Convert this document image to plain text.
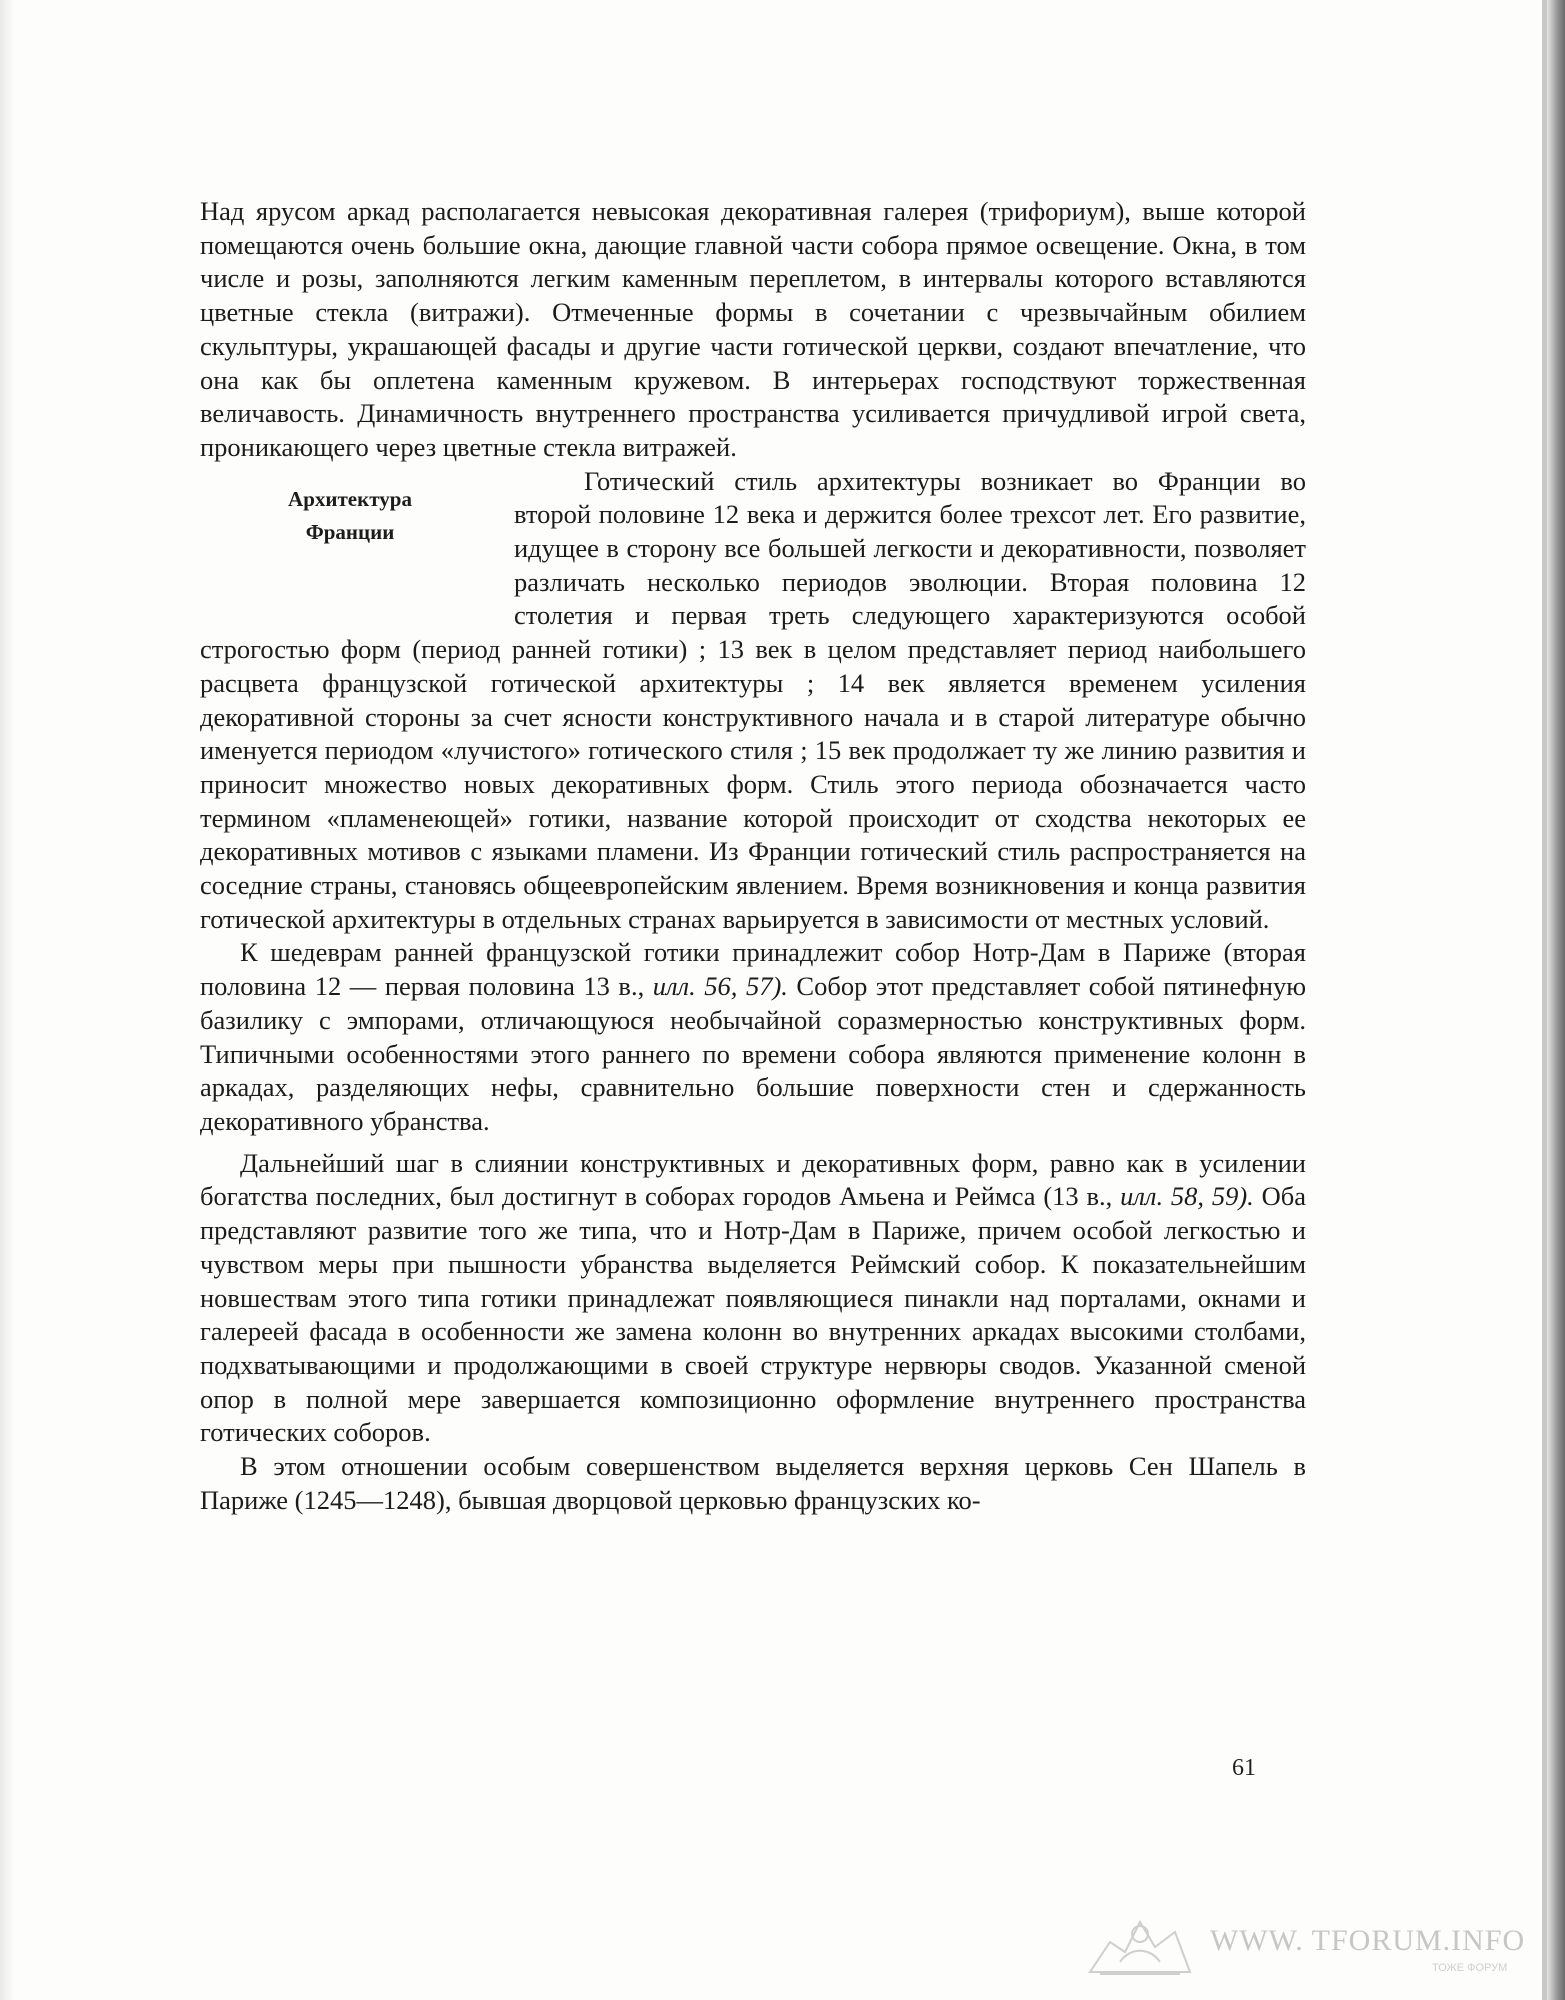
Над ярусом аркад располагается невысокая декоративная галерея (трифориум), выше которой помещаются очень большие окна, дающие главной части собора прямое освещение. Окна, в том числе и розы, заполняются легким каменным переплетом, в интервалы которого вставляются цветные стекла (витражи). Отмеченные формы в сочетании с чрезвычайным обилием скульптуры, украшающей фасады и другие части готической церкви, создают впечатление, что она как бы оплетена каменным кружевом. В интерьерах господствуют торжественная величавость. Динамичность внутреннего пространства усиливается причудливой игрой света, проникающего через цветные стекла витражей.

Архитектура
Франции

Готический стиль архитектуры возникает во Франции во второй половине 12 века и держится более трехсот лет. Его развитие, идущее в сторону все большей легкости и декоративности, позволяет различать несколько периодов эволюции. Вторая половина 12 столетия и первая треть следующего характеризуются особой строгостью форм (период ранней готики) ; 13 век в целом представляет период наибольшего расцвета французской готической архитектуры ; 14 век является временем усиления декоративной стороны за счет ясности конструктивного начала и в старой литературе обычно именуется периодом «лучистого» готического стиля ; 15 век продолжает ту же линию развития и приносит множество новых декоративных форм. Стиль этого периода обозначается часто термином «пламенеющей» готики, название которой происходит от сходства некоторых ее декоративных мотивов с языками пламени. Из Франции готический стиль распространяется на соседние страны, становясь общеевропейским явлением. Время возникновения и конца развития готической архитектуры в отдельных странах варьируется в зависимости от местных условий.

К шедеврам ранней французской готики принадлежит собор Нотр-Дам в Париже (вторая половина 12 — первая половина 13 в., илл. 56, 57). Собор этот представляет собой пятинефную базилику с эмпорами, отличающуюся необычайной соразмерностью конструктивных форм. Типичными особенностями этого раннего по времени собора являются применение колонн в аркадах, разделяющих нефы, сравнительно большие поверхности стен и сдержанность декоративного убранства.

Дальнейший шаг в слиянии конструктивных и декоративных форм, равно как в усилении богатства последних, был достигнут в соборах городов Амьена и Реймса (13 в., илл. 58, 59). Оба представляют развитие того же типа, что и Нотр-Дам в Париже, причем особой легкостью и чувством меры при пышности убранства выделяется Реймский собор. К показательнейшим новшествам этого типа готики принадлежат появляющиеся пинакли над порталами, окнами и галереей фасада в особенности же замена колонн во внутренних аркадах высокими столбами, подхватывающими и продолжающими в своей структуре нервюры сводов. Указанной сменой опор в полной мере завершается композиционно оформление внутреннего пространства готических соборов.

В этом отношении особым совершенством выделяется верхняя церковь Сен Шапель в Париже (1245—1248), бывшая дворцовой церковью французских ко-

61
WWW. TFORUM.INFO
ТОЖЕ ФОРУМ
